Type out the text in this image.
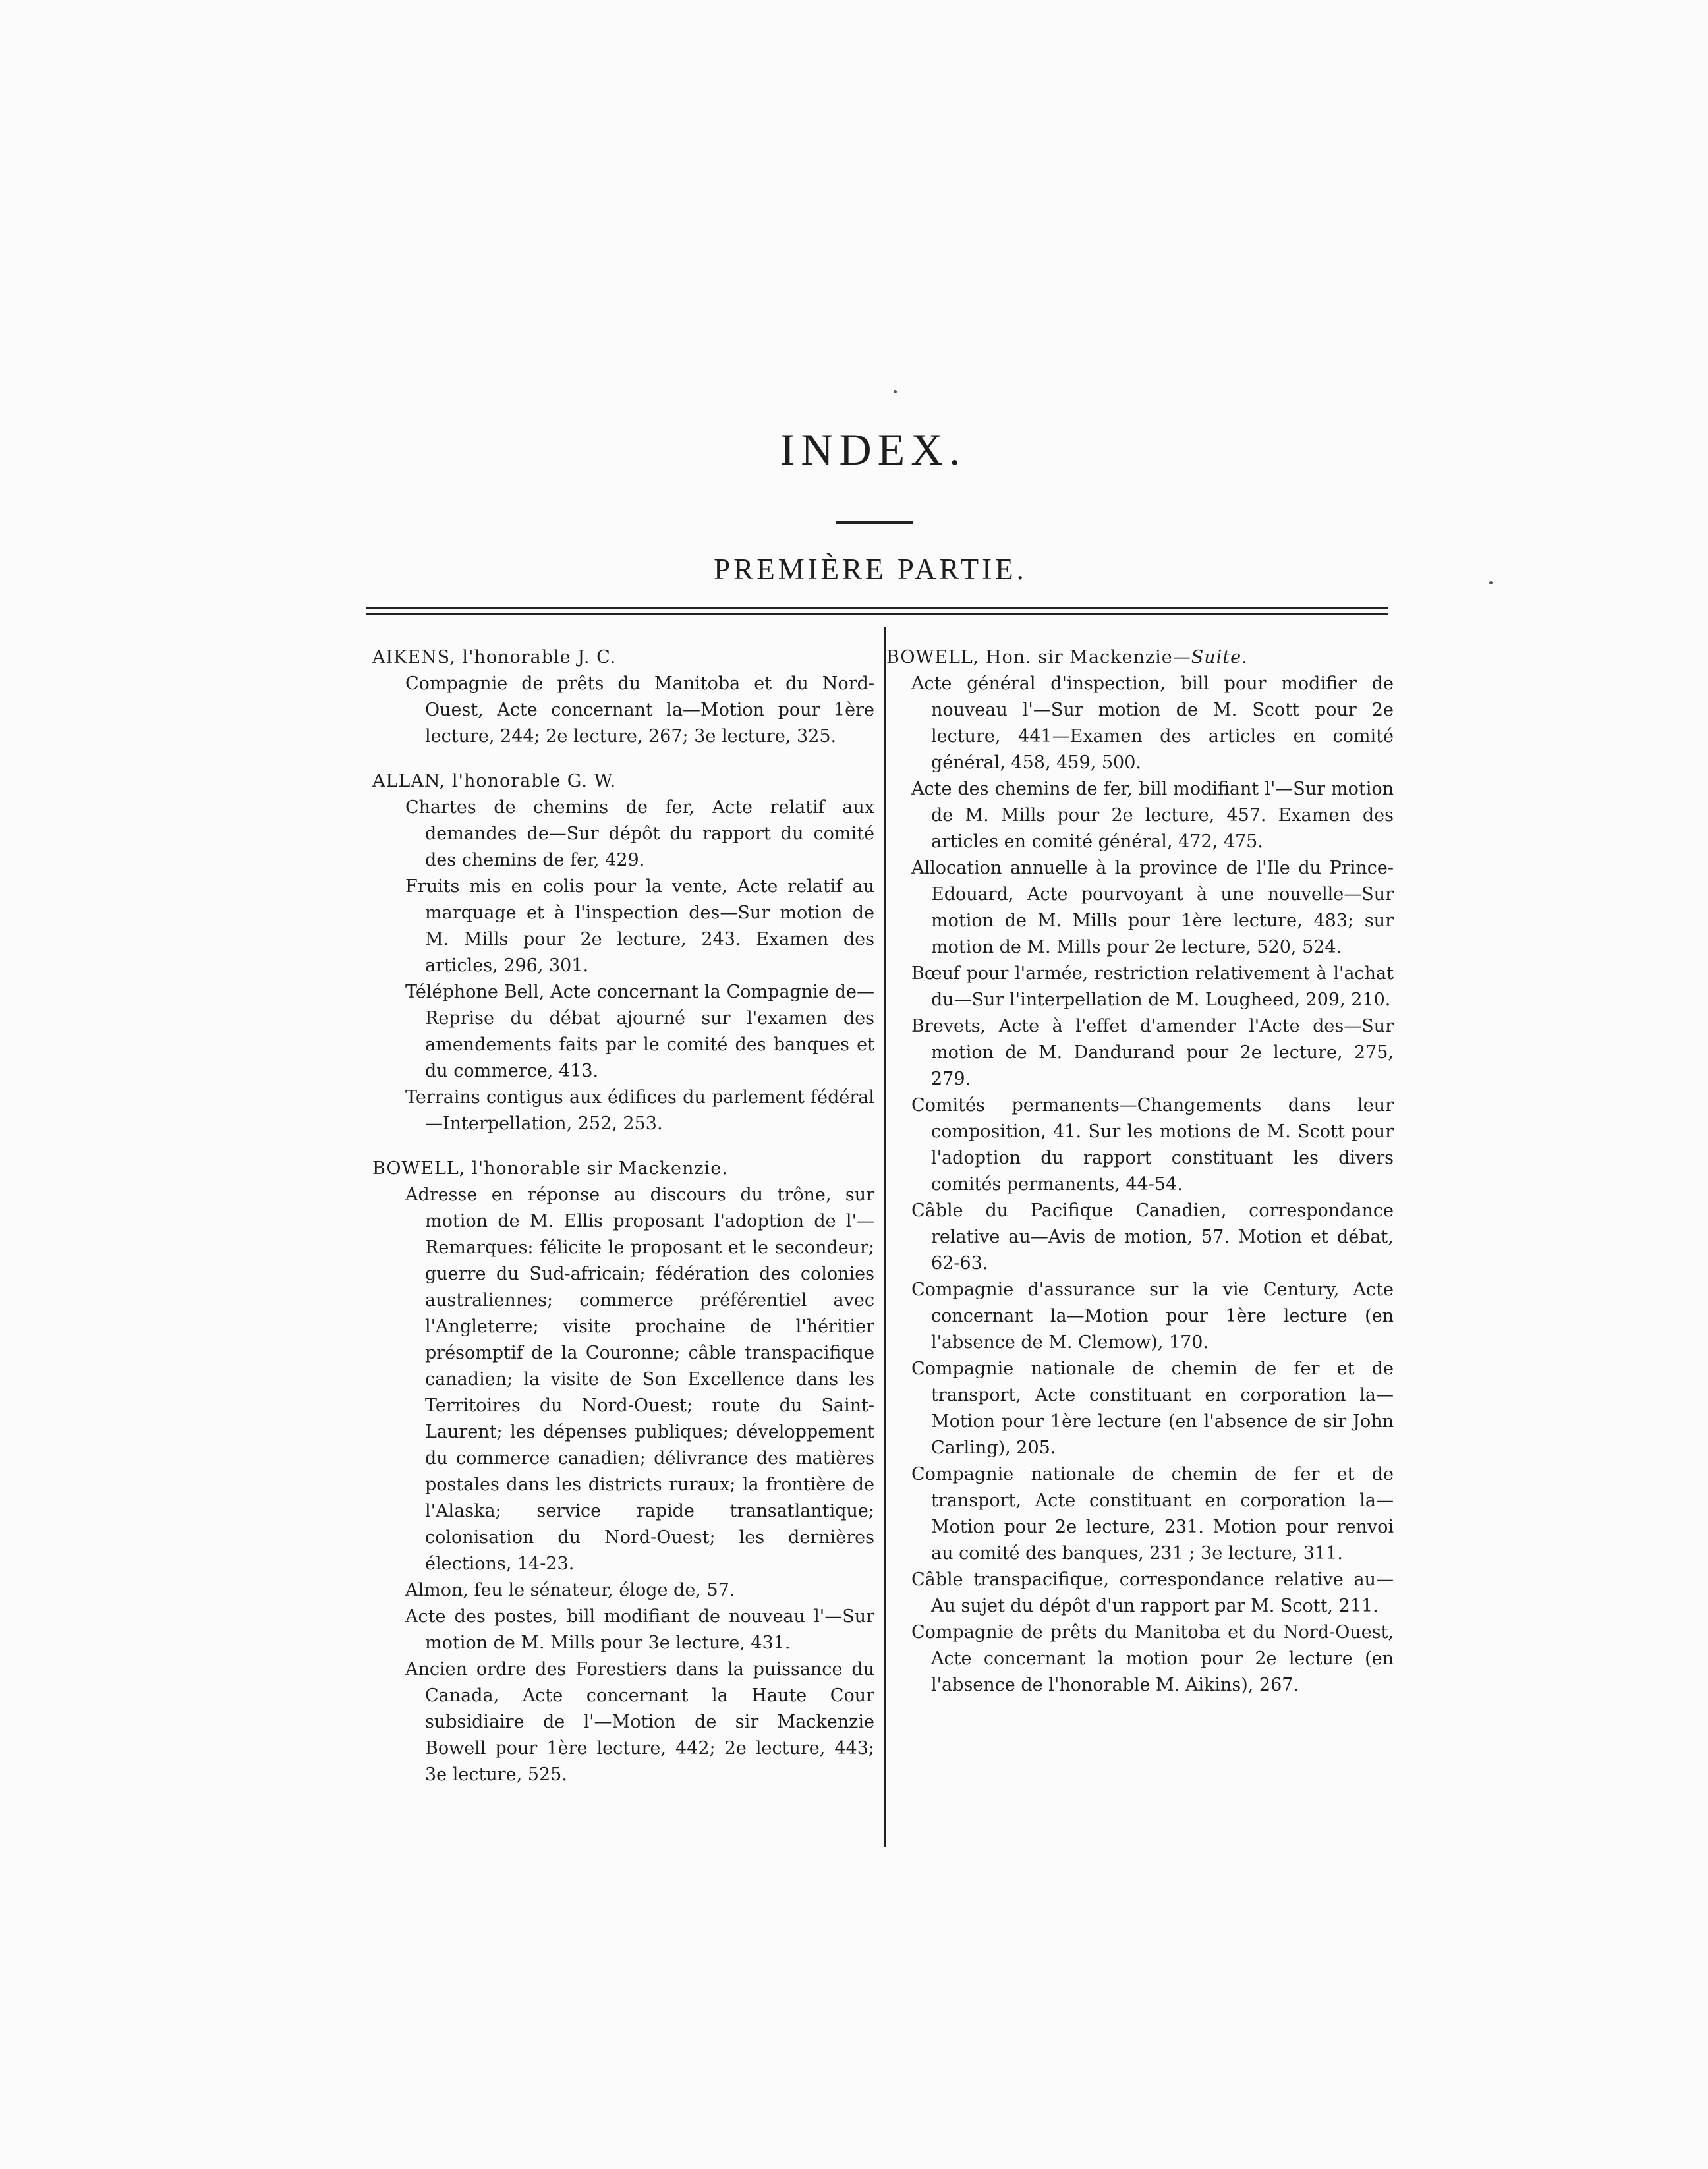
INDEX.
PREMIÈRE PARTIE.
AIKENS, l'honorable J. C.
Compagnie de prêts du Manitoba et du Nord-Ouest, Acte concernant la—Motion pour 1ère lecture, 244; 2e lecture, 267; 3e lecture, 325.
ALLAN, l'honorable G. W.
Chartes de chemins de fer, Acte relatif aux demandes de—Sur dépôt du rapport du comité des chemins de fer, 429.
Fruits mis en colis pour la vente, Acte relatif au marquage et à l'inspection des—Sur motion de M. Mills pour 2e lecture, 243. Examen des articles, 296, 301.
Téléphone Bell, Acte concernant la Compagnie de—Reprise du débat ajourné sur l'examen des amendements faits par le comité des banques et du commerce, 413.
Terrains contigus aux édifices du parlement fédéral—Interpellation, 252, 253.
BOWELL, l'honorable sir Mackenzie.
Adresse en réponse au discours du trône, sur motion de M. Ellis proposant l'adoption de l'—Remarques: félicite le proposant et le secondeur; guerre du Sud-africain; fédération des colonies australiennes; commerce préférentiel avec l'Angleterre; visite prochaine de l'héritier présomptif de la Couronne; câble transpacifique canadien; la visite de Son Excellence dans les Territoires du Nord-Ouest; route du Saint-Laurent; les dépenses publiques; développement du commerce canadien; délivrance des matières postales dans les districts ruraux; la frontière de l'Alaska; service rapide transatlantique; colonisation du Nord-Ouest; les dernières élections, 14-23.
Almon, feu le sénateur, éloge de, 57.
Acte des postes, bill modifiant de nouveau l'—Sur motion de M. Mills pour 3e lecture, 431.
Ancien ordre des Forestiers dans la puissance du Canada, Acte concernant la Haute Cour subsidiaire de l'—Motion de sir Mackenzie Bowell pour 1ère lecture, 442; 2e lecture, 443; 3e lecture, 525.
BOWELL, Hon. sir Mackenzie—Suite.
Acte général d'inspection, bill pour modifier de nouveau l'—Sur motion de M. Scott pour 2e lecture, 441—Examen des articles en comité général, 458, 459, 500.
Acte des chemins de fer, bill modifiant l'—Sur motion de M. Mills pour 2e lecture, 457. Examen des articles en comité général, 472, 475.
Allocation annuelle à la province de l'Ile du Prince-Edouard, Acte pourvoyant à une nouvelle—Sur motion de M. Mills pour 1ère lecture, 483; sur motion de M. Mills pour 2e lecture, 520, 524.
Bœuf pour l'armée, restriction relativement à l'achat du—Sur l'interpellation de M. Lougheed, 209, 210.
Brevets, Acte à l'effet d'amender l'Acte des—Sur motion de M. Dandurand pour 2e lecture, 275, 279.
Comités permanents—Changements dans leur composition, 41. Sur les motions de M. Scott pour l'adoption du rapport constituant les divers comités permanents, 44-54.
Câble du Pacifique Canadien, correspondance relative au—Avis de motion, 57. Motion et débat, 62-63.
Compagnie d'assurance sur la vie Century, Acte concernant la—Motion pour 1ère lecture (en l'absence de M. Clemow), 170.
Compagnie nationale de chemin de fer et de transport, Acte constituant en corporation la—Motion pour 1ère lecture (en l'absence de sir John Carling), 205.
Compagnie nationale de chemin de fer et de transport, Acte constituant en corporation la—Motion pour 2e lecture, 231. Motion pour renvoi au comité des banques, 231 ; 3e lecture, 311.
Câble transpacifique, correspondance relative au—Au sujet du dépôt d'un rapport par M. Scott, 211.
Compagnie de prêts du Manitoba et du Nord-Ouest, Acte concernant la motion pour 2e lecture (en l'absence de l'honorable M. Aikins), 267.
